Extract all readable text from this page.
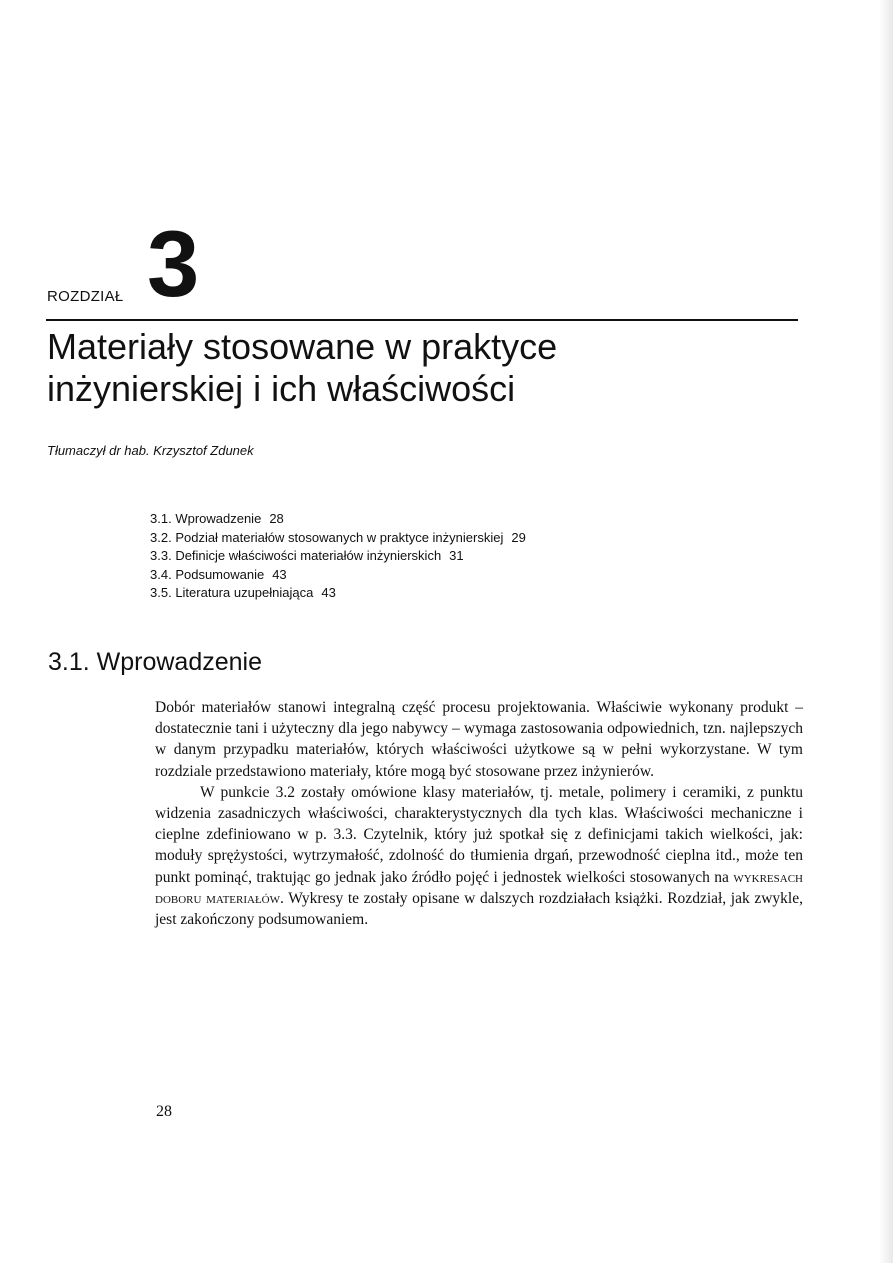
ROZDZIAŁ 3
Materiały stosowane w praktyce
inżynierskiej i ich właściwości
Tłumaczył dr hab. Krzysztof Zdunek
3.1. Wprowadzenie 28
3.2. Podział materiałów stosowanych w praktyce inżynierskiej 29
3.3. Definicje właściwości materiałów inżynierskich 31
3.4. Podsumowanie 43
3.5. Literatura uzupełniająca 43
3.1. Wprowadzenie

Dobór materiałów stanowi integralną część procesu projektowania. Właściwie wykonany produkt – dostatecznie tani i użyteczny dla jego nabywcy – wymaga zastosowania odpowiednich, tzn. najlepszych w danym przypadku materiałów, których właściwości użytkowe są w pełni wykorzystane. W tym rozdziale przedstawiono materiały, które mogą być stosowane przez inżynierów.

W punkcie 3.2 zostały omówione klasy materiałów, tj. metale, polimery i ceramiki, z punktu widzenia zasadniczych właściwości, charakterystycznych dla tych klas. Właściwości mechaniczne i cieplne zdefiniowano w p. 3.3. Czytelnik, który już spotkał się z definicjami takich wielkości, jak: moduły sprężystości, wytrzymałość, zdolność do tłumienia drgań, przewodność cieplna itd., może ten punkt pominąć, traktując go jednak jako źródło pojęć i jednostek wielkości stosowanych na wykresach doboru materiałów. Wykresy te zostały opisane w dalszych rozdziałach książki. Rozdział, jak zwykle, jest zakończony podsumowaniem.

28
